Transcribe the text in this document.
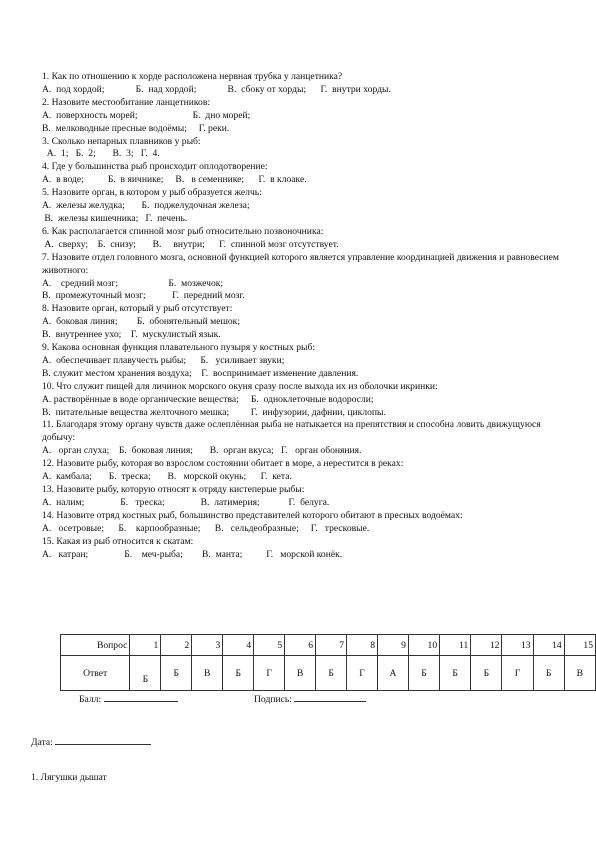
1. Как по отношению к хорде расположена нервная трубка у ланцетника?
А.  под хордой;             Б.  над хордой;             В.  сбоку от хорды;      Г.  внутри хорды.
2. Назовите местообитание ланцетников:
А.  поверхность морей;                       Б.  дно морей;
В.  мелководные пресные водоёмы;     Г. реки.
3. Сколько непарных плавников у рыб:
А.  1;   Б.  2;       В.  3;   Г.  4.
4. Где у большинства рыб происходит оплодотворение:
А.  в воде;          Б.  в яичнике;     В.   в семеннике;      Г.  в клоаке.
5. Назовите орган, в котором у рыб образуется желчь:
А.  железы желудка;       Б.  поджелудочная железа;
В.  железы кишечника;   Г.  печень.
6. Как располагается спинной мозг рыб относительно позвоночника:
А.  сверху;    Б.  снизу;       В.     внутри;      Г.  спинной мозг отсутствует.
7. Назовите отдел головного мозга, основной функцией которого является управление координацией движения и равновесием животного:
А.    средний мозг;                     Б.  мозжечок;
В.  промежуточный мозг;           Г.  передний мозг.
8. Назовите орган, который у рыб отсутствует:
А.  боковая линия;        Б.  обонятельный мешок;
В.  внутреннее ухо;    Г.  мускулистый язык.
9. Какова основная функция плавательного пузыря у костных рыб:
А.  обеспечивает плавучесть рыбы;      Б.   усиливает звуки;
В. служит местом хранения воздуха;    Г.  воспринимает изменение давления.
10. Что служит пищей для личинок морского окуня сразу после выхода их из оболочки икринки:
А. растворённые в воде органические вещества;     Б.  одноклеточные водоросли;
В.  питательные вещества желточного мешка;         Г.  инфузории, дафнии, циклопы.
11. Благодаря этому органу чувств даже ослеплённая рыба не натыкается на препятствия и способна ловить движущуюся добычу:
А.   орган слуха;    Б.  боковая линия;       В.  орган вкуса;   Г.   орган обоняния.
12. Назовите рыбу, которая во взрослом состоянии обитает в море, а нерестится в реках:
А.  камбала;       Б.  треска;       В.   морской окунь;      Г.  кета.
13. Назовите рыбу, которую относят к отряду кистеперые рыбы:
А.  налим;               Б.   треска;               В.  латимерия;            Г.  белуга.
14. Назовите отряд костных рыб, большинство представителей которого обитают в пресных водоёмах:
А.   осетровые;      Б.    карпообразные;      В.   сельдеобразные;     Г.   тресковые.
15. Какая из рыб относится к скатам:
А.   катран;               Б.    меч-рыба;        В.  манта;          Г.   морской конёк.
Вопрос	1	2	3	4	5	6	7	8	9	10	11	12	13	14	15
Ответ	Б	Б	В	Б	Г	В	Б	Г	А	Б	Б	Б	Г	Б	В
Балл:	Подпись:
Дата:
1. Лягушки дышат
